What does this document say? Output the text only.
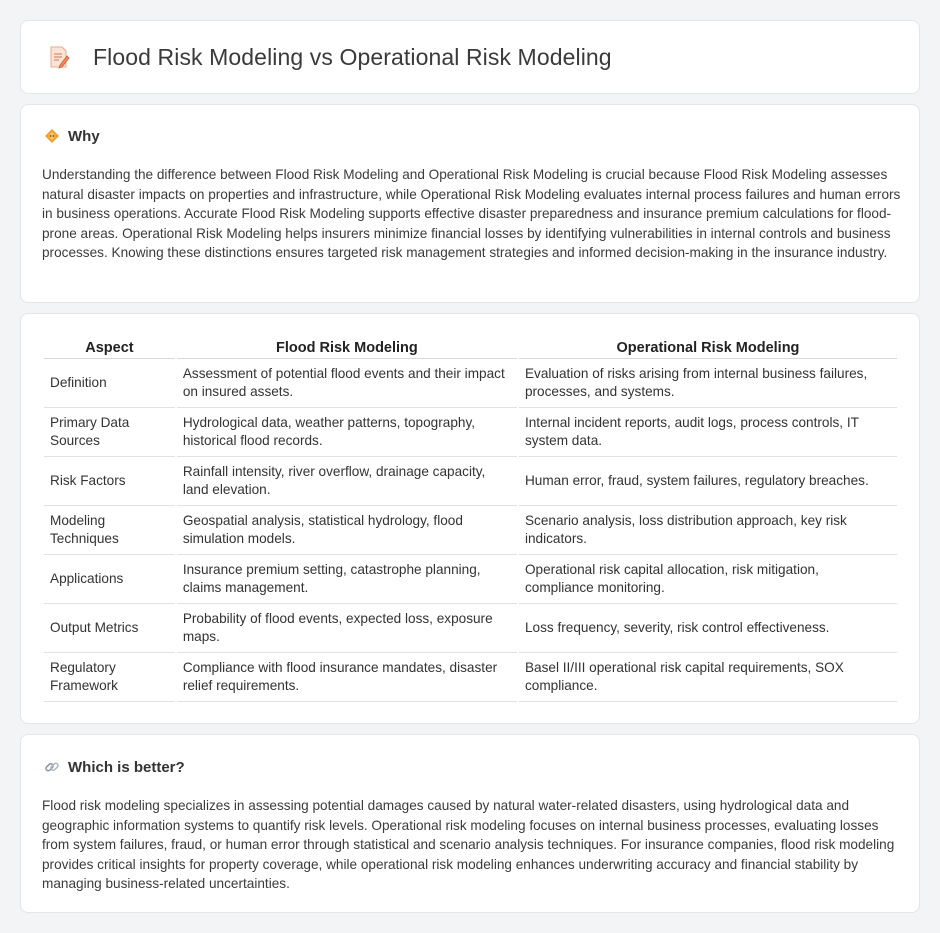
Flood Risk Modeling vs Operational Risk Modeling
Why

Understanding the difference between Flood Risk Modeling and Operational Risk Modeling is crucial because Flood Risk Modeling assesses natural disaster impacts on properties and infrastructure, while Operational Risk Modeling evaluates internal process failures and human errors in business operations. Accurate Flood Risk Modeling supports effective disaster preparedness and insurance premium calculations for flood-prone areas. Operational Risk Modeling helps insurers minimize financial losses by identifying vulnerabilities in internal controls and business processes. Knowing these distinctions ensures targeted risk management strategies and informed decision-making in the insurance industry.

Aspect	Flood Risk Modeling	Operational Risk Modeling
Definition	Assessment of potential flood events and their impact on insured assets.	Evaluation of risks arising from internal business failures, processes, and systems.
Primary Data Sources	Hydrological data, weather patterns, topography, historical flood records.	Internal incident reports, audit logs, process controls, IT system data.
Risk Factors	Rainfall intensity, river overflow, drainage capacity, land elevation.	Human error, fraud, system failures, regulatory breaches.
Modeling Techniques	Geospatial analysis, statistical hydrology, flood simulation models.	Scenario analysis, loss distribution approach, key risk indicators.
Applications	Insurance premium setting, catastrophe planning, claims management.	Operational risk capital allocation, risk mitigation, compliance monitoring.
Output Metrics	Probability of flood events, expected loss, exposure maps.	Loss frequency, severity, risk control effectiveness.
Regulatory Framework	Compliance with flood insurance mandates, disaster relief requirements.	Basel II/III operational risk capital requirements, SOX compliance.
Which is better?

Flood risk modeling specializes in assessing potential damages caused by natural water-related disasters, using hydrological data and geographic information systems to quantify risk levels. Operational risk modeling focuses on internal business processes, evaluating losses from system failures, fraud, or human error through statistical and scenario analysis techniques. For insurance companies, flood risk modeling provides critical insights for property coverage, while operational risk modeling enhances underwriting accuracy and financial stability by managing business-related uncertainties.
